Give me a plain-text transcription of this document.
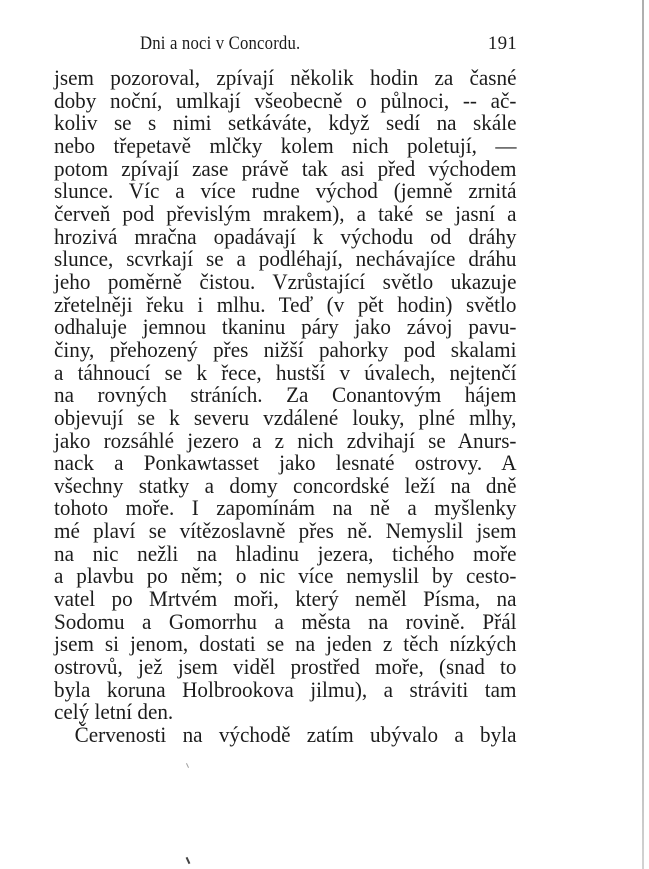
Dni a noci v Concordu.	191
jsem pozoroval, zpívají několik hodin za časné
doby noční, umlkají všeobecně o půlnoci, -- ač-
koliv se s nimi setkáváte, když sedí na skále
nebo třepetavě mlčky kolem nich poletují, —
potom zpívají zase právě tak asi před východem
slunce. Víc a více rudne východ (jemně zrnitá
červeň pod převislým mrakem), a také se jasní a
hrozivá mračna opadávají k východu od dráhy
slunce, scvrkají se a podléhají, nechávajíce dráhu
jeho poměrně čistou. Vzrůstající světlo ukazuje
zřetelněji řeku i mlhu. Teď (v pět hodin) světlo
odhaluje jemnou tkaninu páry jako závoj pavu-
činy, přehozený přes nižší pahorky pod skalami
a táhnoucí se k řece, hustší v úvalech, nejtenčí
na rovných stráních. Za Conantovým hájem
objevují se k severu vzdálené louky, plné mlhy,
jako rozsáhlé jezero a z nich zdvihají se Anurs-
nack a Ponkawtasset jako lesnaté ostrovy. A
všechny statky a domy concordské leží na dně
tohoto moře. I zapomínám na ně a myšlenky
mé plaví se vítězoslavně přes ně. Nemyslil jsem
na nic nežli na hladinu jezera, tichého moře
a plavbu po něm; o nic více nemyslil by cesto-
vatel po Mrtvém moři, který neměl Písma, na
Sodomu a Gomorrhu a města na rovině. Přál
jsem si jenom, dostati se na jeden z těch nízkých
ostrovů, jež jsem viděl prostřed moře, (snad to
byla koruna Holbrookova jilmu), a stráviti tam
celý letní den.
Červenosti na východě zatím ubývalo a byla
